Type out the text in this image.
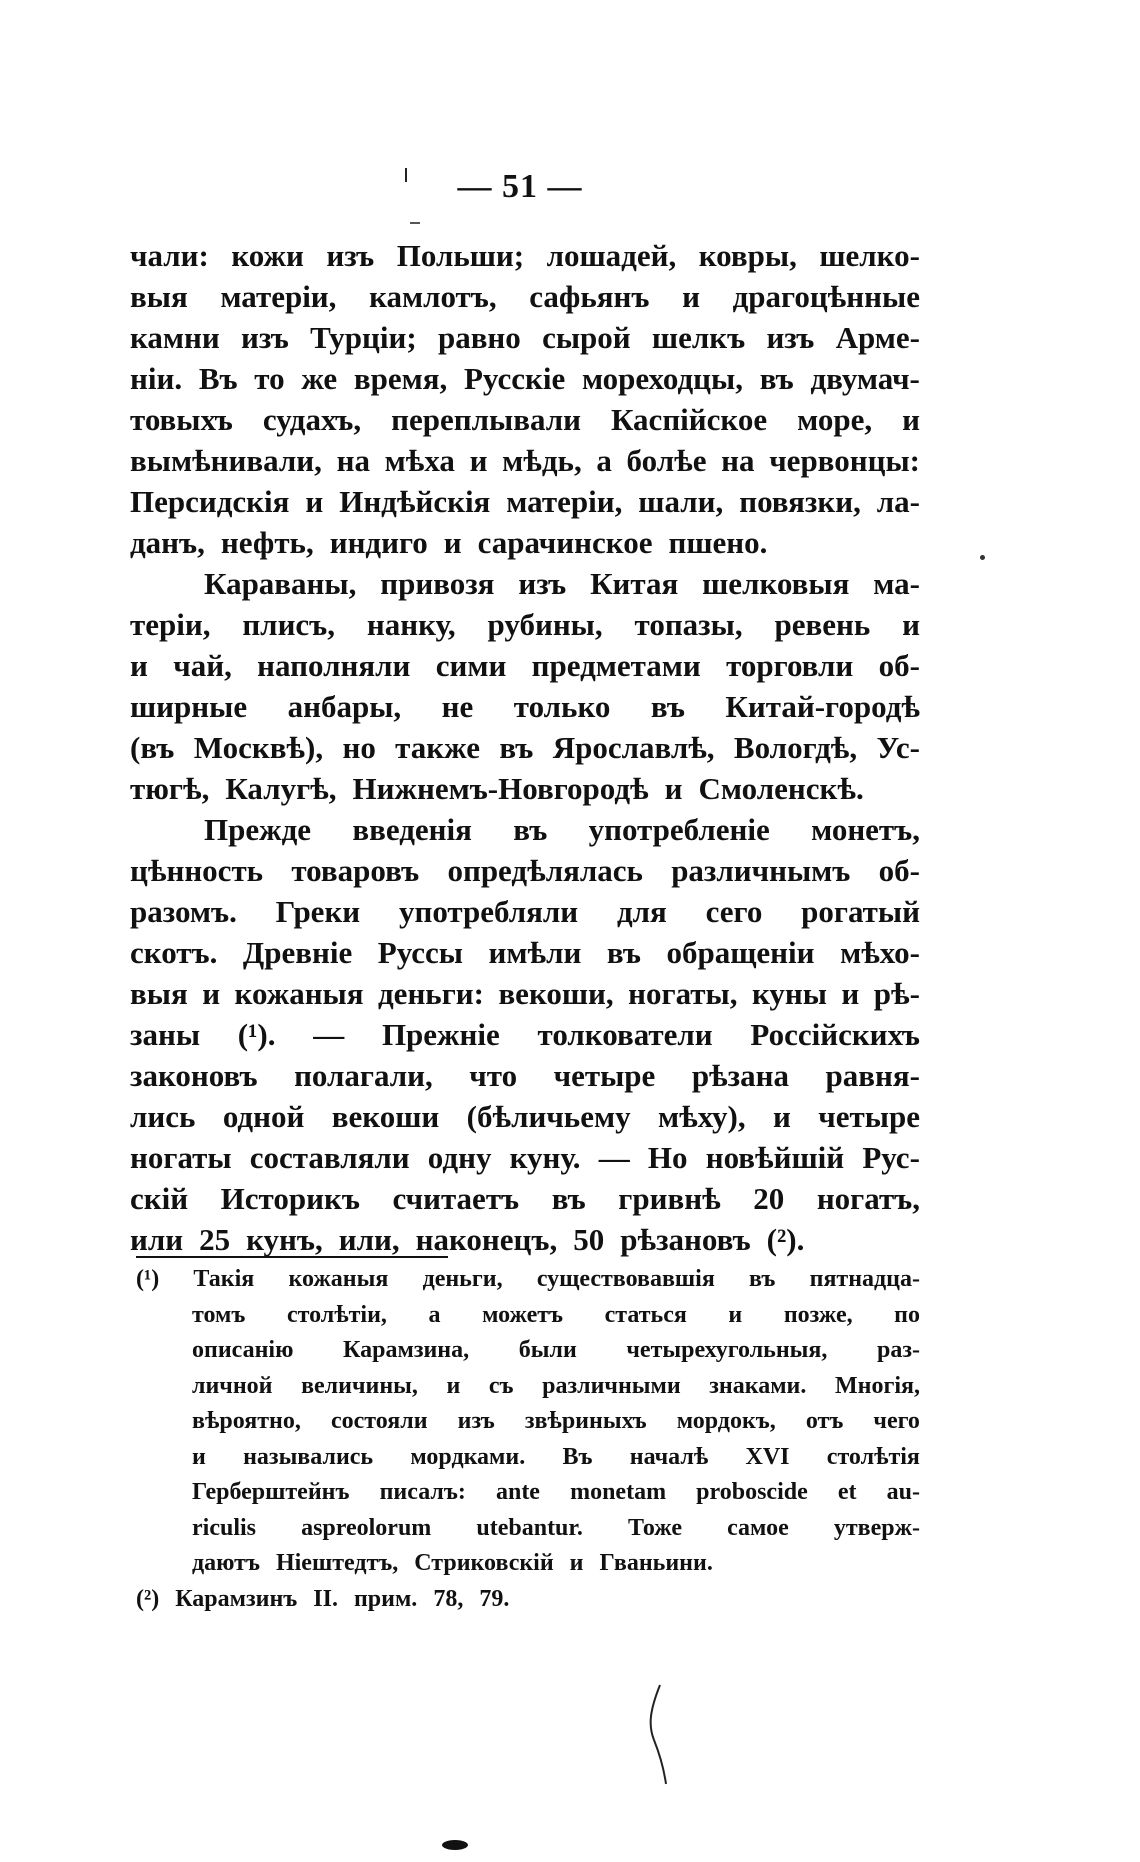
— 51 —
чали: кожи изъ Польши; лошадей, ковры, шелко-
выя матеріи, камлотъ, сафьянъ и драгоцѣнные
камни изъ Турціи; равно сырой шелкъ изъ Арме-
ніи. Въ то же время, Русскіе мореходцы, въ двумач-
товыхъ судахъ, переплывали Каспійское море, и
вымѣнивали, на мѣха и мѣдь, а болѣе на червонцы:
Персидскія и Индѣйскія матеріи, шали, повязки, ла-
данъ, нефть, индиго и сарачинское пшено.
Караваны, привозя изъ Китая шелковыя ма-
теріи, плисъ, нанку, рубины, топазы, ревень и
и чай, наполняли сими предметами торговли об-
ширные анбары, не только въ Китай-городѣ
(въ Москвѣ), но также въ Ярославлѣ, Вологдѣ, Ус-
тюгѣ, Калугѣ, Нижнемъ-Новгородѣ и Смоленскѣ.
Прежде введенія въ употребленіе монетъ,
цѣнность товаровъ опредѣлялась различнымъ об-
разомъ. Греки употребляли для сего рогатый
скотъ. Древніе Руссы имѣли въ обращеніи мѣхо-
выя и кожаныя деньги: векоши, ногаты, куны и рѣ-
заны (¹). — Прежніе толкователи Россійскихъ
законовъ полагали, что четыре рѣзана равня-
лись одной векоши (бѣличьему мѣху), и четыре
ногаты составляли одну куну. — Но новѣйшій Рус-
скій Историкъ считаетъ въ гривнѣ 20 ногатъ,
или 25 кунъ, или, наконецъ, 50 рѣзановъ (²).
(¹) Такія кожаныя деньги, существовавшія въ пятнадца-
томъ столѣтіи, а можетъ статься и позже, по
описанію Карамзина, были четырехугольныя, раз-
личной величины, и съ различными знаками. Многія,
вѣроятно, состояли изъ звѣриныхъ мордокъ, отъ чего
и назывались мордками. Въ началѣ XVI столѣтія
Герберштейнъ писалъ: ante monetam proboscide et au-
riculis aspreolorum utebantur. Тоже самое утверж-
даютъ Ніештедтъ, Стриковскій и Гваньини.
(²) Карамзинъ II. прим. 78, 79.
